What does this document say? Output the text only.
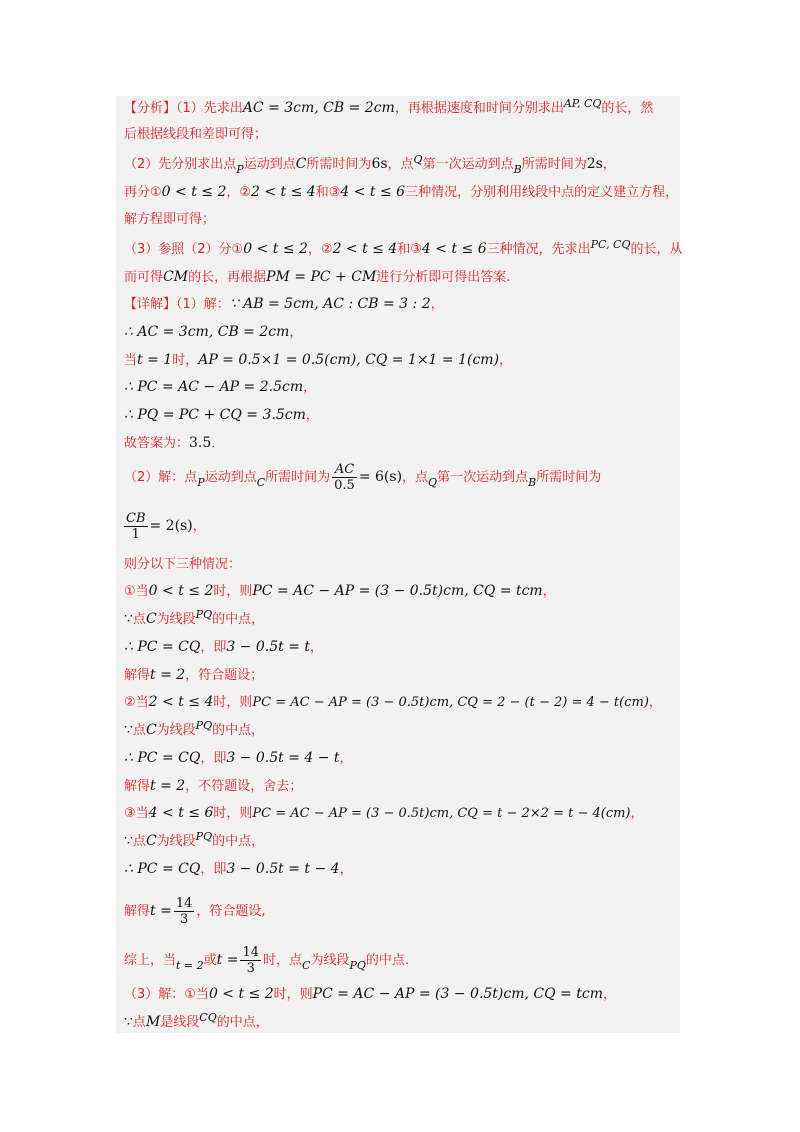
【分析】（1）先求出AC = 3cm, CB = 2cm，再根据速度和时间分别求出$^{AP, CQ}$的长，然
后根据线段和差即可得；
（2）先分别求出点$_P$运动到点C所需时间为6s，点$^Q$第一次运动到点$_B$所需时间为2s，
再分①0 < t ≤ 2，②2 < t ≤ 4和③4 < t ≤ 6三种情况，分别利用线段中点的定义建立方程，
解方程即可得；
（3）参照（2）分①0 < t ≤ 2，②2 < t ≤ 4和③4 < t ≤ 6三种情况，先求出$^{PC, CQ}$的长，从
而可得CM的长，再根据PM = PC + CM进行分析即可得出答案.
【详解】（1）解：∵ AB = 5cm, AC : CB = 3 : 2，
∴ AC = 3cm, CB = 2cm，
当t = 1时，AP = 0.5×1 = 0.5(cm), CQ = 1×1 = 1(cm)，
∴ PC = AC − AP = 2.5cm，
∴ PQ = PC + CQ = 3.5cm，
故答案为：3.5．
（2）解：点$_P$运动到点$_C$所需时间为 $\frac{AC}{0.5} = 6(s)$，点$_Q$第一次运动到点$_B$所需时间为
$\frac{CB}{1} = 2(s)$，
则分以下三种情况：
①当0 < t ≤ 2时，则PC = AC − AP = (3 − 0.5t)cm, CQ = tcm，
∵点C为线段$^{PQ}$的中点，
∴ PC = CQ，即3 − 0.5t = t，
解得t = 2，符合题设；
②当2 < t ≤ 4时，则PC = AC − AP = (3 − 0.5t)cm, CQ = 2 − (t − 2) = 4 − t(cm)，
∵点C为线段$^{PQ}$的中点，
∴ PC = CQ，即3 − 0.5t = 4 − t，
解得t = 2，不符题设，舍去；
③当4 < t ≤ 6时，则PC = AC − AP = (3 − 0.5t)cm, CQ = t − 2×2 = t − 4(cm)，
∵点C为线段$^{PQ}$的中点，
∴ PC = CQ，即3 − 0.5t = t − 4，
解得$t = \frac{14}{3}$ ，符合题设,
综上，当$_{t = 2}$或$t = \frac{14}{3}$ 时，点$_C$为线段$_{PQ}$的中点.
（3）解：①当0 < t ≤ 2时，则PC = AC − AP = (3 − 0.5t)cm, CQ = tcm，
∵点M是线段$^{CQ}$的中点，
